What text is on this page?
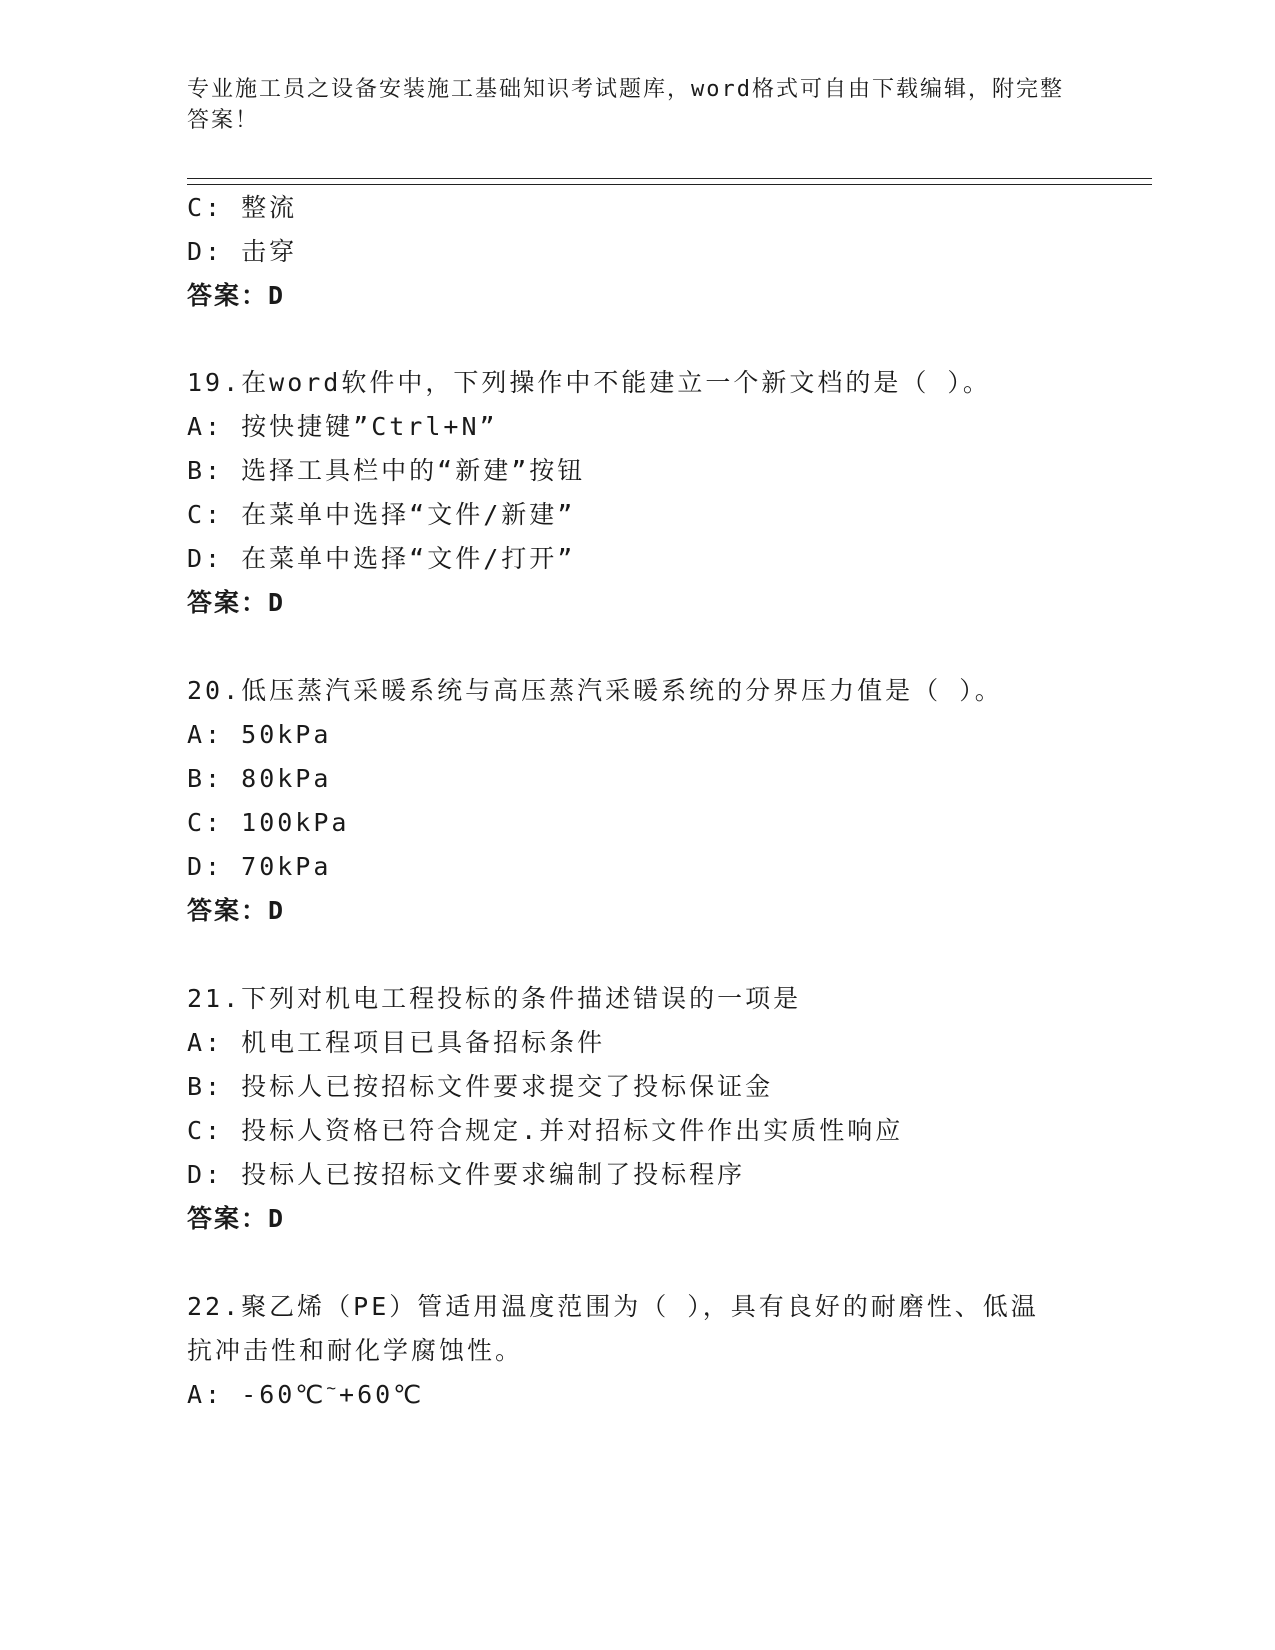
专业施工员之设备安装施工基础知识考试题库，word格式可自由下载编辑，附完整答案！
C: 整流
D: 击穿
答案：D
19.在word软件中，下列操作中不能建立一个新文档的是（ ）。
A: 按快捷键”Ctrl+N”
B: 选择工具栏中的“新建”按钮
C: 在菜单中选择“文件/新建”
D: 在菜单中选择“文件/打开”
答案：D
20.低压蒸汽采暖系统与高压蒸汽采暖系统的分界压力值是（ ）。
A: 50kPa
B: 80kPa
C: 100kPa
D: 70kPa
答案：D
21.下列对机电工程投标的条件描述错误的一项是
A: 机电工程项目已具备招标条件
B: 投标人已按招标文件要求提交了投标保证金
C: 投标人资格已符合规定.并对招标文件作出实质性响应
D: 投标人已按招标文件要求编制了投标程序
答案：D
22.聚乙烯（PE）管适用温度范围为（ ），具有良好的耐磨性、低温
抗冲击性和耐化学腐蚀性。
A: -60℃~+60℃
